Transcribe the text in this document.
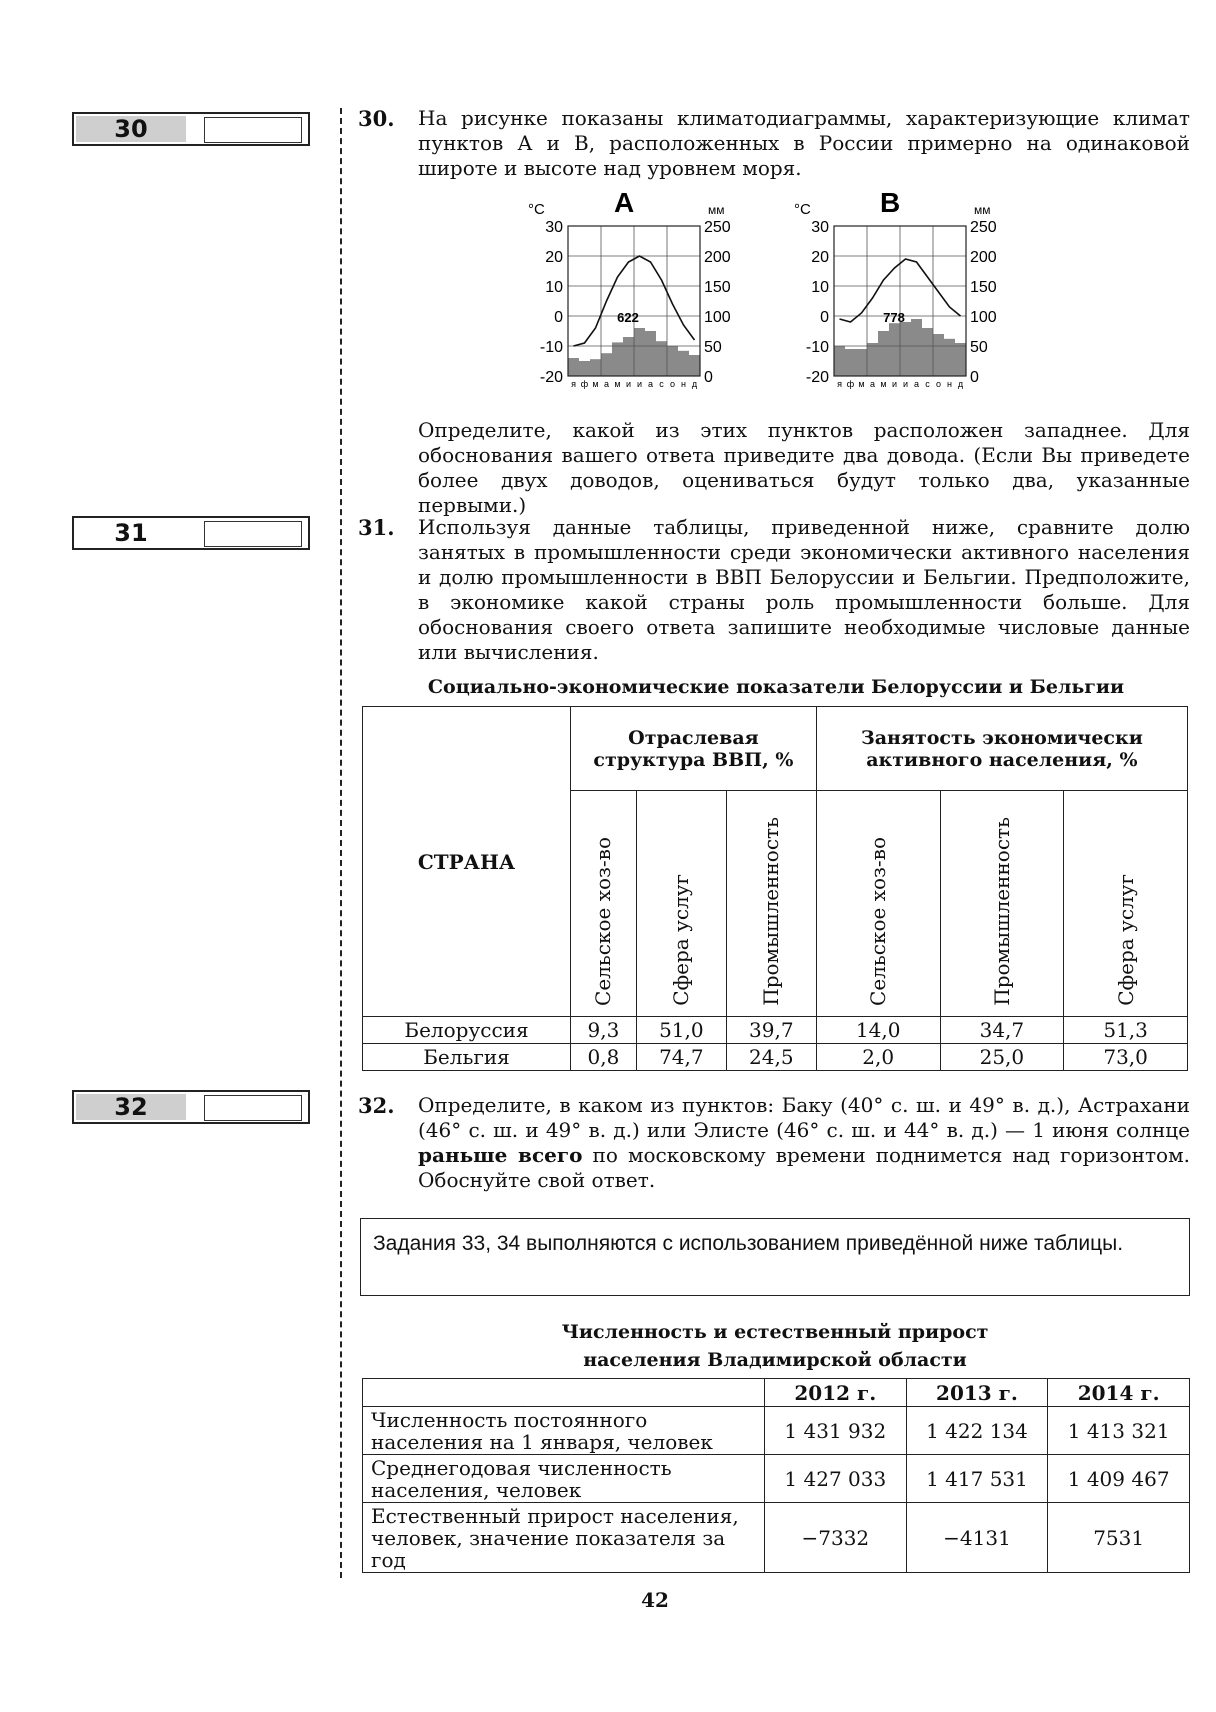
30
31
32
30. На рисунке показаны климатодиаграммы, характеризующие климат пунктов А и В, расположенных в России примерно на одинаковой широте и высоте над уровнем моря.
А
°C	мм
30
20
10
0
-10
-20
250
200
150
100
50
0
622
я ф м а м и и а с о н д
В
°C	мм
30
20
10
0
-10
-20
250
200
150
100
50
0
778
я ф м а м и и а с о н д
Определите, какой из этих пунктов расположен западнее. Для обоснования вашего ответа приведите два довода. (Если Вы приведете более двух доводов, оцениваться будут только два, указанные первыми.)
31. Используя данные таблицы, приведенной ниже, сравните долю занятых в промышленности среди экономически активного населения и долю промышленности в ВВП Белоруссии и Бельгии. Предположите, в экономике какой страны роль промышленности больше. Для обоснования своего ответа запишите необходимые числовые данные или вычисления.
Социально-экономические показатели Белоруссии и Бельгии
СТРАНА	Отраслевая структура ВВП, %			Занятость экономически активного населения, %		
	Сельское хоз-во	Сфера услуг	Промышленность	Сельское хоз-во	Промышленность	Сфера услуг
Белоруссия	9,3	51,0	39,7	14,0	34,7	51,3
Бельгия	0,8	74,7	24,5	2,0	25,0	73,0
32. Определите, в каком из пунктов: Баку (40° с. ш. и 49° в. д.), Астрахани (46° с. ш. и 49° в. д.) или Элисте (46° с. ш. и 44° в. д.) — 1 июня солнце раньше всего по московскому времени поднимется над горизонтом. Обоснуйте свой ответ.
Задания 33, 34 выполняются с использованием приведённой ниже таблицы.
Численность и естественный прирост
населения Владимирской области
	2012 г.	2013 г.	2014 г.
Численность постоянного населения на 1 января, человек	1 431 932	1 422 134	1 413 321
Среднегодовая численность населения, человек	1 427 033	1 417 531	1 409 467
Естественный прирост населения, человек, значение показателя за год	−7332	−4131	7531
42
